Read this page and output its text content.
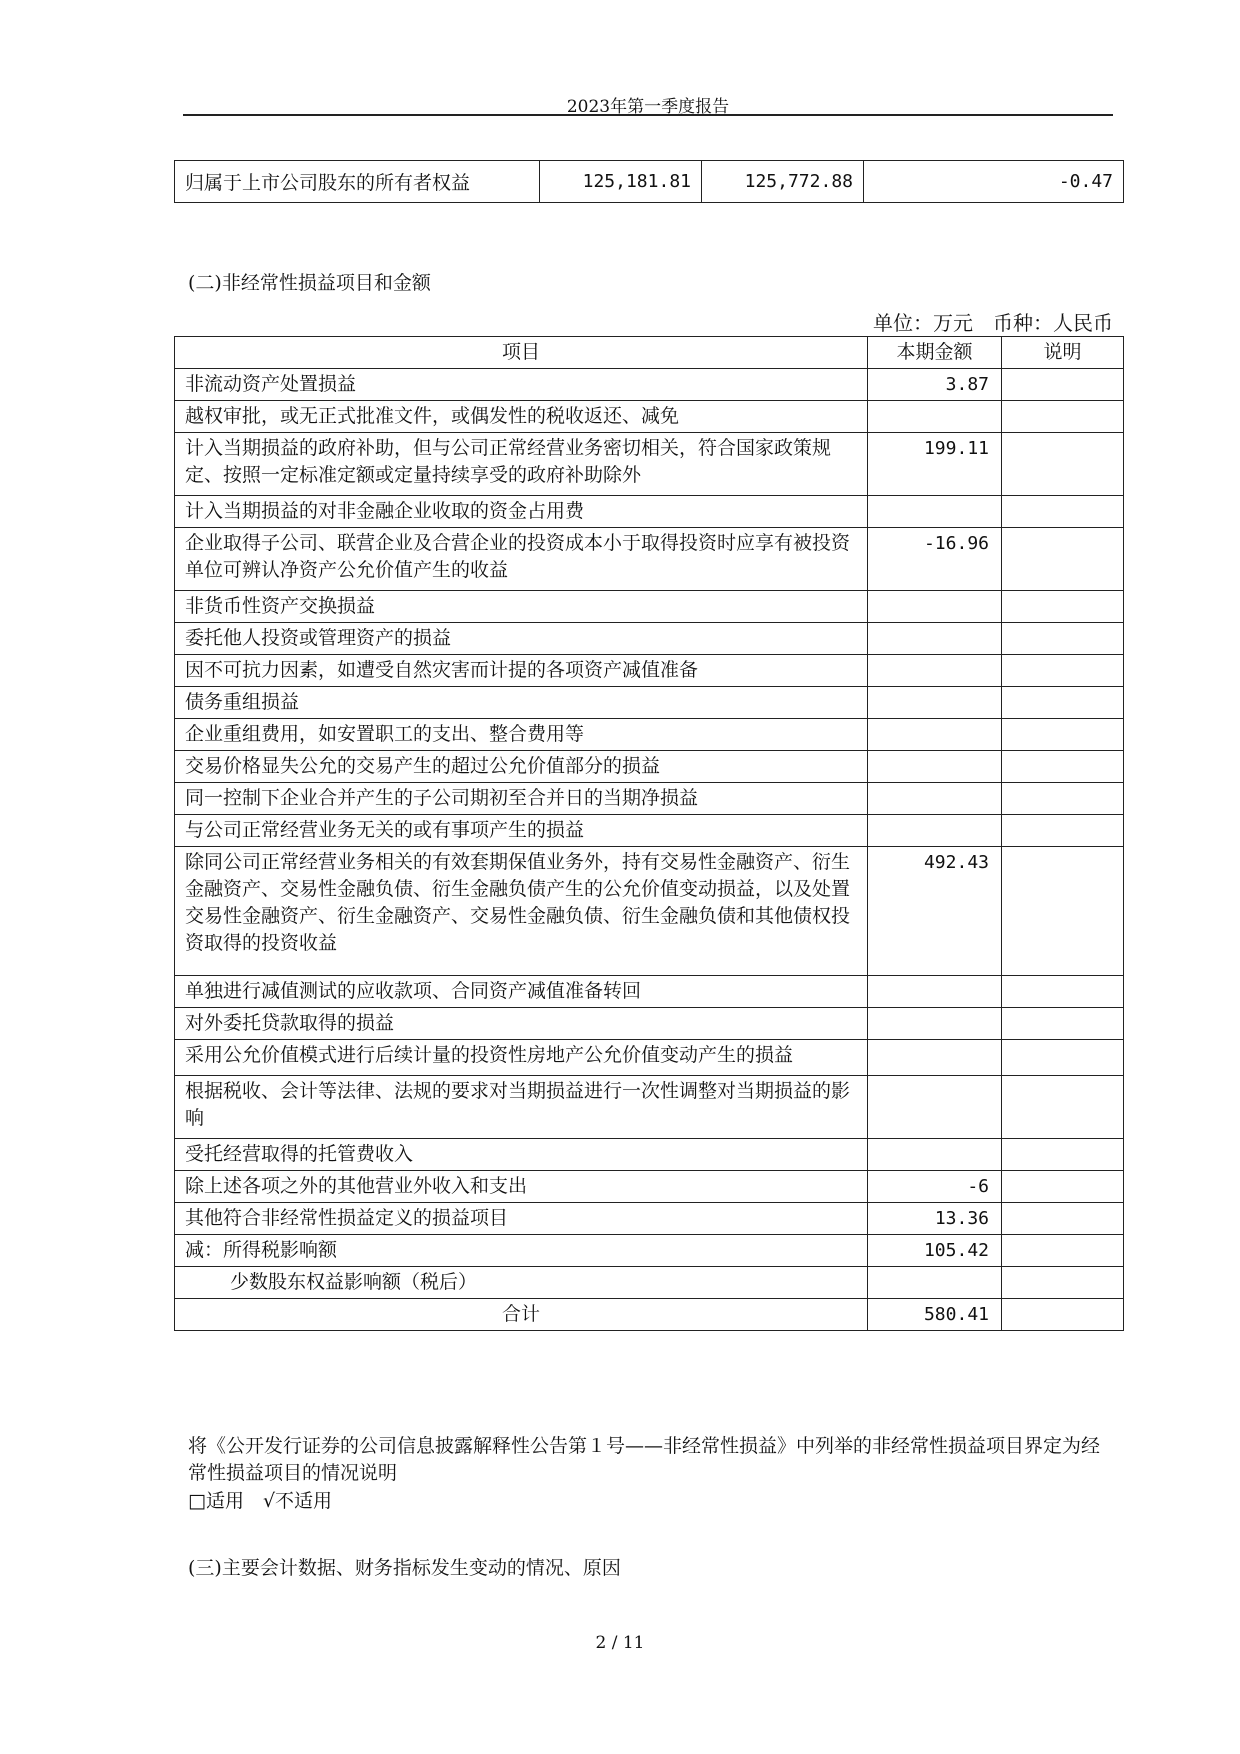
2023年第一季度报告
归属于上市公司股东的所有者权益	125,181.81	125,772.88	-0.47
(二)非经常性损益项目和金额
单位：万元　币种：人民币
项目	本期金额	说明
非流动资产处置损益	3.87	
越权审批，或无正式批准文件，或偶发性的税收返还、减免		
计入当期损益的政府补助，但与公司正常经营业务密切相关，符合国家政策规定、按照一定标准定额或定量持续享受的政府补助除外	199.11	
计入当期损益的对非金融企业收取的资金占用费		
企业取得子公司、联营企业及合营企业的投资成本小于取得投资时应享有被投资单位可辨认净资产公允价值产生的收益	-16.96	
非货币性资产交换损益		
委托他人投资或管理资产的损益		
因不可抗力因素，如遭受自然灾害而计提的各项资产减值准备		
债务重组损益		
企业重组费用，如安置职工的支出、整合费用等		
交易价格显失公允的交易产生的超过公允价值部分的损益		
同一控制下企业合并产生的子公司期初至合并日的当期净损益		
与公司正常经营业务无关的或有事项产生的损益		
除同公司正常经营业务相关的有效套期保值业务外，持有交易性金融资产、衍生金融资产、交易性金融负债、衍生金融负债产生的公允价值变动损益，以及处置交易性金融资产、衍生金融资产、交易性金融负债、衍生金融负债和其他债权投资取得的投资收益	492.43	
单独进行减值测试的应收款项、合同资产减值准备转回		
对外委托贷款取得的损益		
采用公允价值模式进行后续计量的投资性房地产公允价值变动产生的损益		
根据税收、会计等法律、法规的要求对当期损益进行一次性调整对当期损益的影响		
受托经营取得的托管费收入		
除上述各项之外的其他营业外收入和支出	-6	
其他符合非经常性损益定义的损益项目	13.36	
减：所得税影响额	105.42	
少数股东权益影响额（税后）		
合计	580.41	
将《公开发行证券的公司信息披露解释性公告第１号——非经常性损益》中列举的非经常性损益项目界定为经常性损益项目的情况说明
□适用　√不适用
(三)主要会计数据、财务指标发生变动的情况、原因
2 / 11
